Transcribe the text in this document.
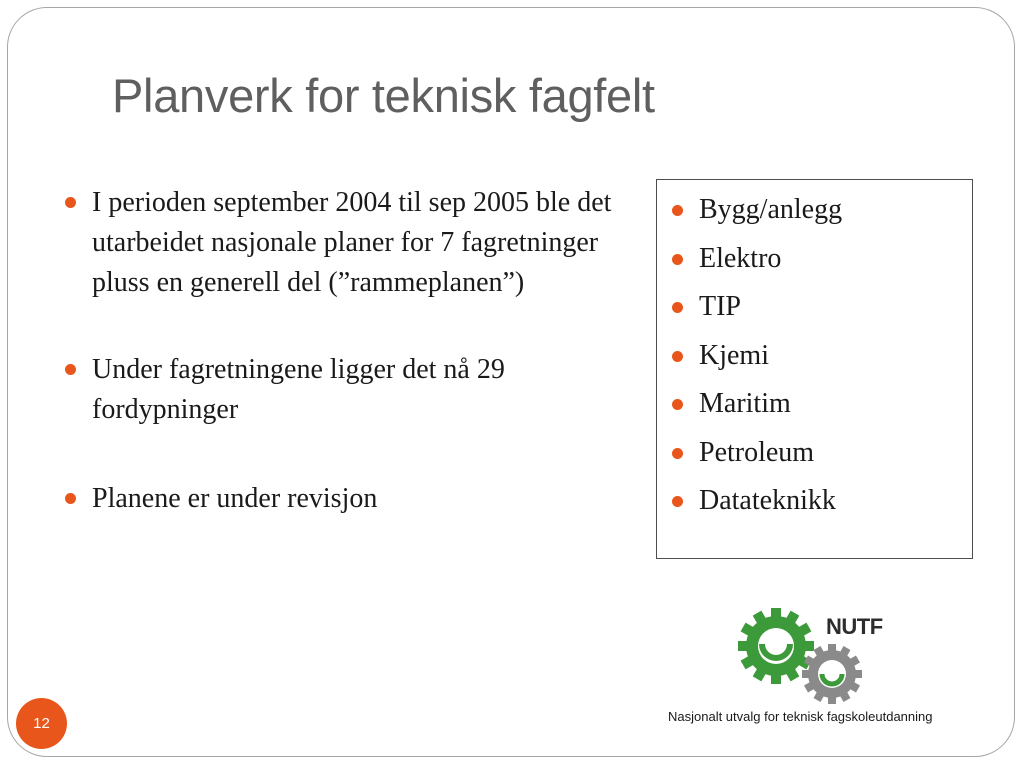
Planverk for teknisk fagfelt
I perioden september 2004 til sep 2005 ble det utarbeidet nasjonale planer for 7 fagretninger pluss en generell del (”rammeplanen”)
Under fagretningene ligger det nå 29 fordypninger
Planene er under revisjon
Bygg/anlegg
Elektro
TIP
Kjemi
Maritim
Petroleum
Datateknikk
NUTF
Nasjonalt utvalg for teknisk fagskoleutdanning
12
